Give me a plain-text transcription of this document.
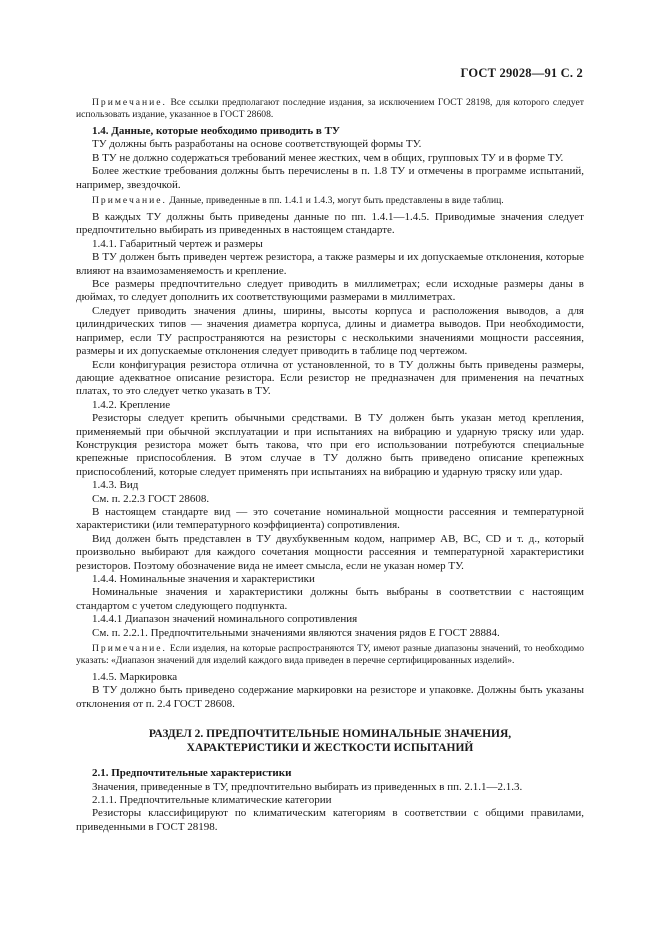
ГОСТ 29028—91 С. 2

Примечание. Все ссылки предполагают последние издания, за исключением ГОСТ 28198, для которого следует использовать издание, указанное в ГОСТ 28608.

1.4. Данные, которые необходимо приводить в ТУ

ТУ должны быть разработаны на основе соответствующей формы ТУ.

В ТУ не должно содержаться требований менее жестких, чем в общих, групповых ТУ и в форме ТУ.

Более жесткие требования должны быть перечислены в п. 1.8 ТУ и отмечены в программе испытаний, например, звездочкой.

Примечание. Данные, приведенные в пп. 1.4.1 и 1.4.3, могут быть представлены в виде таблиц.

В каждых ТУ должны быть приведены данные по пп. 1.4.1—1.4.5. Приводимые значения следует предпочтительно выбирать из приведенных в настоящем стандарте.

1.4.1. Габаритный чертеж и размеры

В ТУ должен быть приведен чертеж резистора, а также размеры и их допускаемые отклонения, которые влияют на взаимозаменяемость и крепление.

Все размеры предпочтительно следует приводить в миллиметрах; если исходные размеры даны в дюймах, то следует дополнить их соответствующими размерами в миллиметрах.

Следует приводить значения длины, ширины, высоты корпуса и расположения выводов, а для цилиндрических типов — значения диаметра корпуса, длины и диаметра выводов. При необходимости, например, если ТУ распространяются на резисторы с несколькими значениями мощности рассеяния, размеры и их допускаемые отклонения следует приводить в таблице под чертежом.

Если конфигурация резистора отлична от установленной, то в ТУ должны быть приведены размеры, дающие адекватное описание резистора. Если резистор не предназначен для применения на печатных платах, то это следует четко указать в ТУ.

1.4.2. Крепление

Резисторы следует крепить обычными средствами. В ТУ должен быть указан метод крепления, применяемый при обычной эксплуатации и при испытаниях на вибрацию и ударную тряску или удар. Конструкция резистора может быть такова, что при его использовании потребуются специальные крепежные приспособления. В этом случае в ТУ должно быть приведено описание крепежных приспособлений, которые следует применять при испытаниях на вибрацию и ударную тряску или удар.

1.4.3. Вид

См. п. 2.2.3 ГОСТ 28608.

В настоящем стандарте вид — это сочетание номинальной мощности рассеяния и температурной характеристики (или температурного коэффициента) сопротивления.

Вид должен быть представлен в ТУ двухбуквенным кодом, например АВ, ВС, CD и т. д., который произвольно выбирают для каждого сочетания мощности рассеяния и температурной характеристики резисторов. Поэтому обозначение вида не имеет смысла, если не указан номер ТУ.

1.4.4. Номинальные значения и характеристики

Номинальные значения и характеристики должны быть выбраны в соответствии с настоящим стандартом с учетом следующего подпункта.

1.4.4.1 Диапазон значений номинального сопротивления

См. п. 2.2.1. Предпочтительными значениями являются значения рядов Е ГОСТ 28884.

Примечание. Если изделия, на которые распространяются ТУ, имеют разные диапазоны значений, то необходимо указать: «Диапазон значений для изделий каждого вида приведен в перечне сертифицированных изделий».

1.4.5. Маркировка

В ТУ должно быть приведено содержание маркировки на резисторе и упаковке. Должны быть указаны отклонения от п. 2.4 ГОСТ 28608.

РАЗДЕЛ 2. ПРЕДПОЧТИТЕЛЬНЫЕ НОМИНАЛЬНЫЕ ЗНАЧЕНИЯ,
ХАРАКТЕРИСТИКИ И ЖЕСТКОСТИ ИСПЫТАНИЙ

2.1. Предпочтительные характеристики

Значения, приведенные в ТУ, предпочтительно выбирать из приведенных в пп. 2.1.1—2.1.3.

2.1.1. Предпочтительные климатические категории

Резисторы классифицируют по климатическим категориям в соответствии с общими правилами, приведенными в ГОСТ 28198.
